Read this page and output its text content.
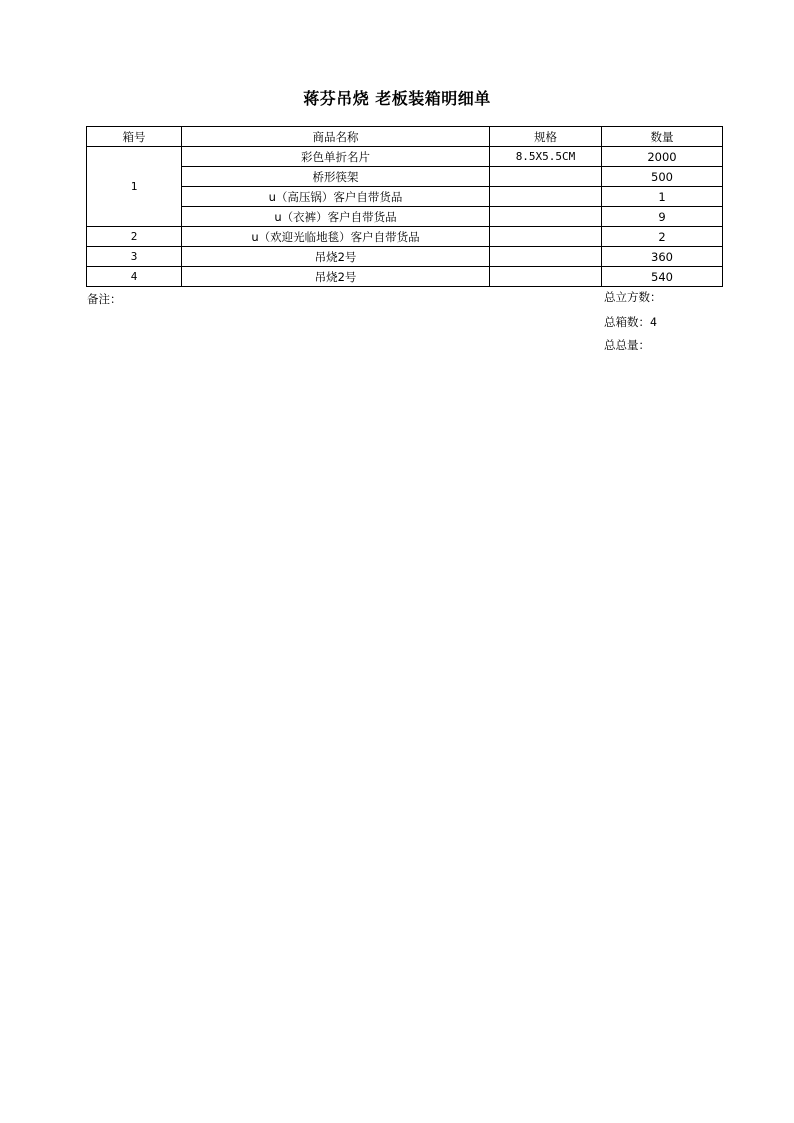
蒋芬吊烧 老板装箱明细单
箱号	商品名称	规格	数量
1	彩色单折名片	8.5X5.5CM	2000
	桥形筷架		500
	u（高压锅）客户自带货品		1
	u（衣裤）客户自带货品		9
2	u（欢迎光临地毯）客户自带货品		2
3	吊烧2号		360
4	吊烧2号		540
备注：	总立方数：
总箱数：4
总总量：
